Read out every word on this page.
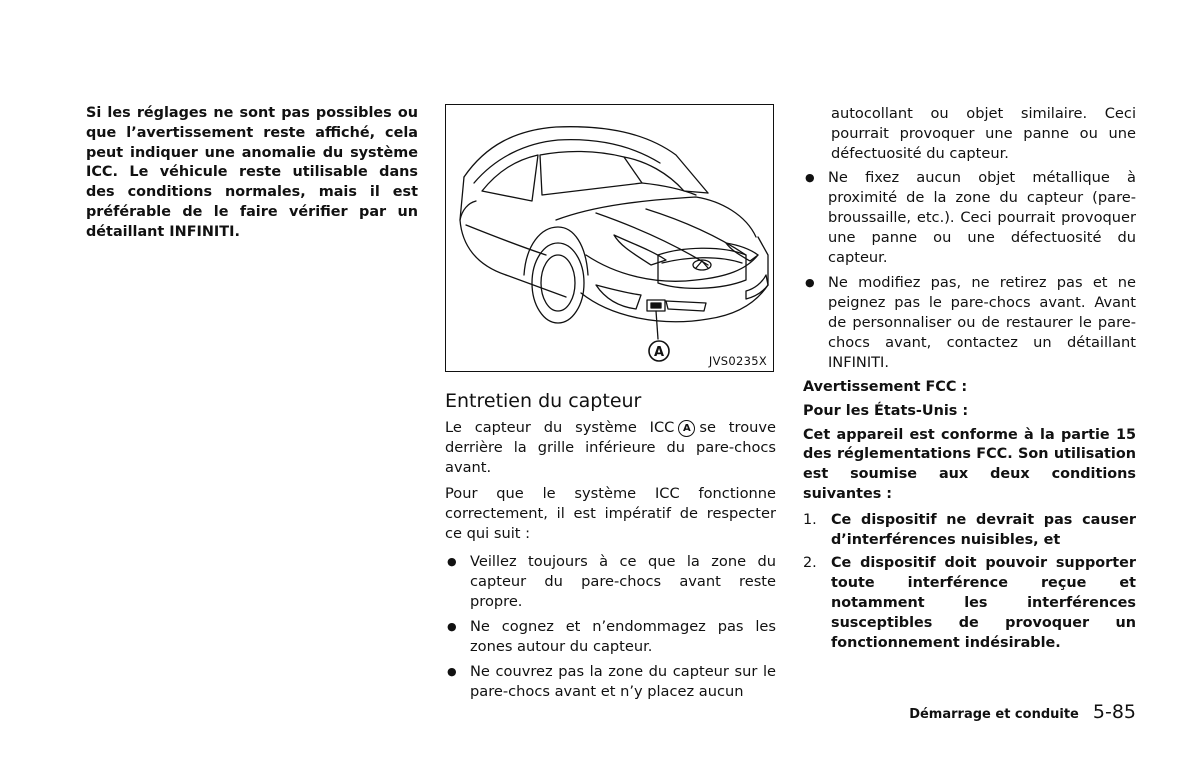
Si les réglages ne sont pas possibles ou que l’avertissement reste affiché, cela peut indiquer une anomalie du système ICC. Le véhicule reste utilisable dans des conditions normales, mais il est préférable de le faire vérifier par un détaillant INFINITI.

A
JVS0235X
Entretien du capteur

Le capteur du système ICC A se trouve derrière la grille inférieure du pare-chocs avant.

Pour que le système ICC fonctionne correctement, il est impératif de respecter ce qui suit :

● Veillez toujours à ce que la zone du capteur du pare-chocs avant reste propre.
● Ne cognez et n’endommagez pas les zones autour du capteur.
● Ne couvrez pas la zone du capteur sur le pare-chocs avant et n’y placez aucun

autocollant ou objet similaire. Ceci pourrait provoquer une panne ou une défectuosité du capteur.

● Ne fixez aucun objet métallique à proximité de la zone du capteur (pare-broussaille, etc.). Ceci pourrait provoquer une panne ou une défectuosité du capteur.
● Ne modifiez pas, ne retirez pas et ne peignez pas le pare-chocs avant. Avant de personnaliser ou de restaurer le pare-chocs avant, contactez un détaillant INFINITI.

Avertissement FCC :

Pour les États-Unis :

Cet appareil est conforme à la partie 15 des réglementations FCC. Son utilisation est soumise aux deux conditions suivantes :

1. Ce dispositif ne devrait pas causer d’interférences nuisibles, et
2. Ce dispositif doit pouvoir supporter toute interférence reçue et notamment les interférences susceptibles de provoquer un fonctionnement indésirable.
Démarrage et conduite 5-85
